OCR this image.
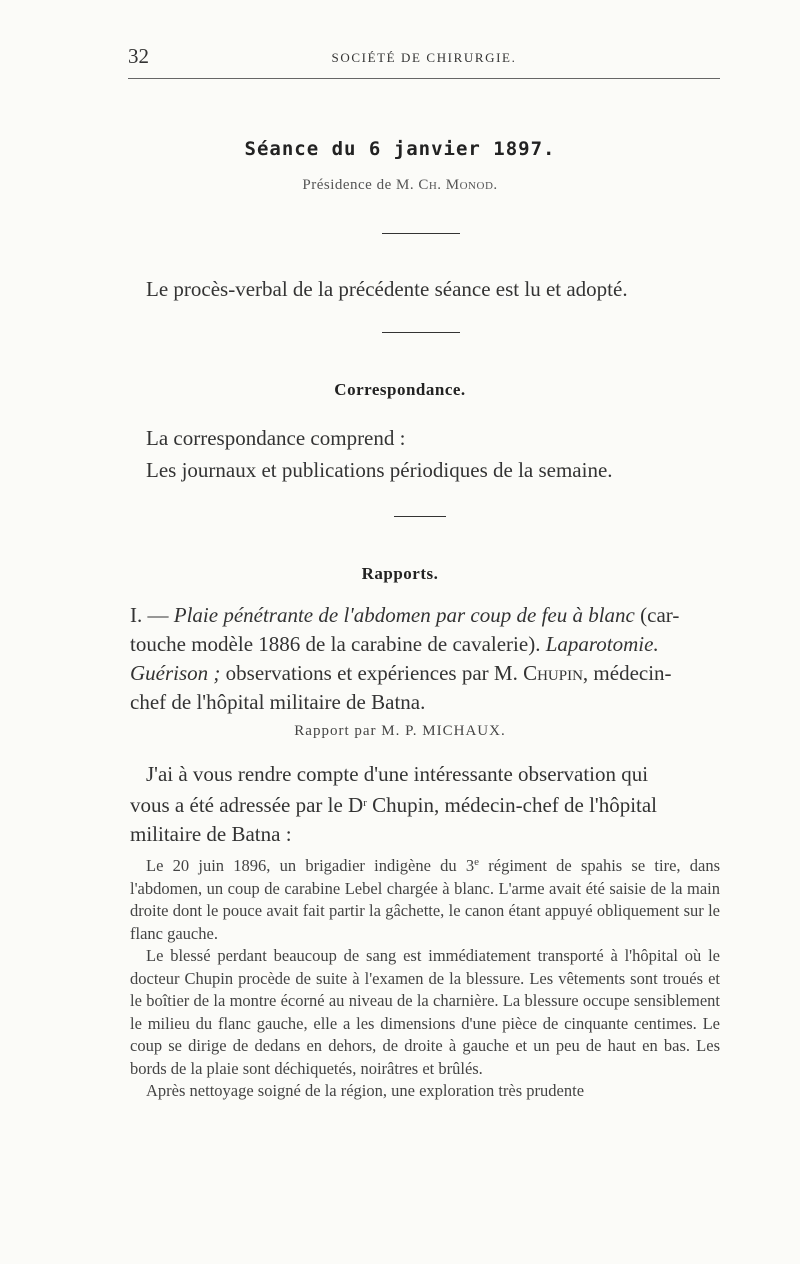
32	SOCIÉTÉ DE CHIRURGIE.
Séance du 6 janvier 1897.
Présidence de M. Ch. Monod.
Le procès-verbal de la précédente séance est lu et adopté.
Correspondance.
La correspondance comprend :
Les journaux et publications périodiques de la semaine.
Rapports.

I. — Plaie pénétrante de l'abdomen par coup de feu à blanc (car-

touche modèle 1886 de la carabine de cavalerie). Laparotomie.

Guérison ; observations et expériences par M. Chupin, médecin-

chef de l'hôpital militaire de Batna.

Rapport par M. P. MICHAUX.

J'ai à vous rendre compte d'une intéressante observation qui

vous a été adressée par le $D^r$ Chupin, médecin-chef de l'hôpital

militaire de Batna :

Le 20 juin 1896, un brigadier indigène du 3e régiment de spahis se tire, dans l'abdomen, un coup de carabine Lebel chargée à blanc. L'arme avait été saisie de la main droite dont le pouce avait fait partir la gâchette, le canon étant appuyé obliquement sur le flanc gauche.

Le blessé perdant beaucoup de sang est immédiatement transporté à l'hôpital où le docteur Chupin procède de suite à l'examen de la blessure. Les vêtements sont troués et le boîtier de la montre écorné au niveau de la charnière. La blessure occupe sensiblement le milieu du flanc gauche, elle a les dimensions d'une pièce de cinquante centimes. Le coup se dirige de dedans en dehors, de droite à gauche et un peu de haut en bas. Les bords de la plaie sont déchiquetés, noirâtres et brûlés.

Après nettoyage soigné de la région, une exploration très prudente
